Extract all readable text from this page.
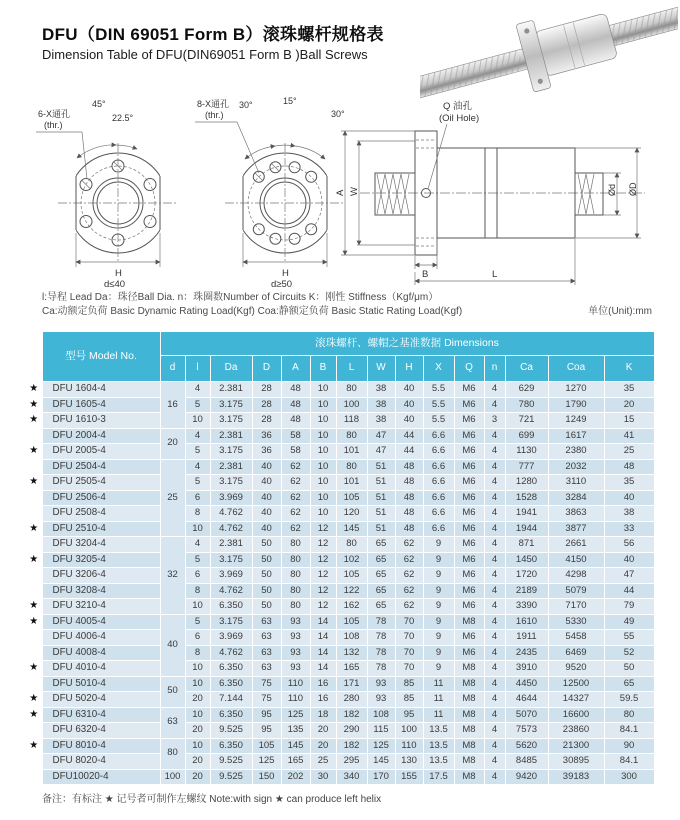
DFU（DIN 69051 Form B）滚珠螺杆规格表
Dimension Table of DFU(DIN69051 Form B )Ball Screws
45°
22.5°
6-X通孔
(thr.)
H
d≤40
30°	15°
30°
8-X通孔
(thr.)
H
d≥50
Q 油孔
(Oil Hole)
A W
B	L
Ød ØD
l:导程 Lead Da：珠径Ball Dia. n：珠圈数Number of Circuits K：刚性 Stiffness（Kgf/μm）
Ca:动额定负荷 Basic Dynamic Rating Load(Kgf) Coa:静额定负荷 Basic Static Rating Load(Kgf)	单位(Unit):mm
	型号 Model No.	滚珠螺杆、螺帽之基准数据 Dimensions														
		d	l	Da	D	A	B	L	W	H	X	Q	n	Ca	Coa	K
★	DFU 1604-4	16	4	2.381	28	48	10	80	38	40	5.5	M6	4	629	1270	35
★	DFU 1605-4		5	3.175	28	48	10	100	38	40	5.5	M6	4	780	1790	20
★	DFU 1610-3		10	3.175	28	48	10	118	38	40	5.5	M6	3	721	1249	15
	DFU 2004-4	20	4	2.381	36	58	10	80	47	44	6.6	M6	4	699	1617	41
★	DFU 2005-4		5	3.175	36	58	10	101	47	44	6.6	M6	4	1130	2380	25
	DFU 2504-4	25	4	2.381	40	62	10	80	51	48	6.6	M6	4	777	2032	48
★	DFU 2505-4		5	3.175	40	62	10	101	51	48	6.6	M6	4	1280	3110	35
	DFU 2506-4		6	3.969	40	62	10	105	51	48	6.6	M6	4	1528	3284	40
	DFU 2508-4		8	4.762	40	62	10	120	51	48	6.6	M6	4	1941	3863	38
★	DFU 2510-4		10	4.762	40	62	12	145	51	48	6.6	M6	4	1944	3877	33
	DFU 3204-4	32	4	2.381	50	80	12	80	65	62	9	M6	4	871	2661	56
★	DFU 3205-4		5	3.175	50	80	12	102	65	62	9	M6	4	1450	4150	40
	DFU 3206-4		6	3.969	50	80	12	105	65	62	9	M6	4	1720	4298	47
	DFU 3208-4		8	4.762	50	80	12	122	65	62	9	M6	4	2189	5079	44
★	DFU 3210-4		10	6.350	50	80	12	162	65	62	9	M6	4	3390	7170	79
★	DFU 4005-4	40	5	3.175	63	93	14	105	78	70	9	M8	4	1610	5330	49
	DFU 4006-4		6	3.969	63	93	14	108	78	70	9	M6	4	1911	5458	55
	DFU 4008-4		8	4.762	63	93	14	132	78	70	9	M6	4	2435	6469	52
★	DFU 4010-4		10	6.350	63	93	14	165	78	70	9	M8	4	3910	9520	50
	DFU 5010-4	50	10	6.350	75	110	16	171	93	85	11	M8	4	4450	12500	65
★	DFU 5020-4		20	7.144	75	110	16	280	93	85	11	M8	4	4644	14327	59.5
★	DFU 6310-4	63	10	6.350	95	125	18	182	108	95	11	M8	4	5070	16600	80
	DFU 6320-4		20	9.525	95	135	20	290	115	100	13.5	M8	4	7573	23860	84.1
★	DFU 8010-4	80	10	6.350	105	145	20	182	125	110	13.5	M8	4	5620	21300	90
	DFU 8020-4		20	9.525	125	165	25	295	145	130	13.5	M8	4	8485	30895	84.1
	DFU10020-4	100	20	9.525	150	202	30	340	170	155	17.5	M8	4	9420	39183	300
备注：有标注 ★ 记号者可制作左螺纹 Note:with sign ★ can produce left helix
